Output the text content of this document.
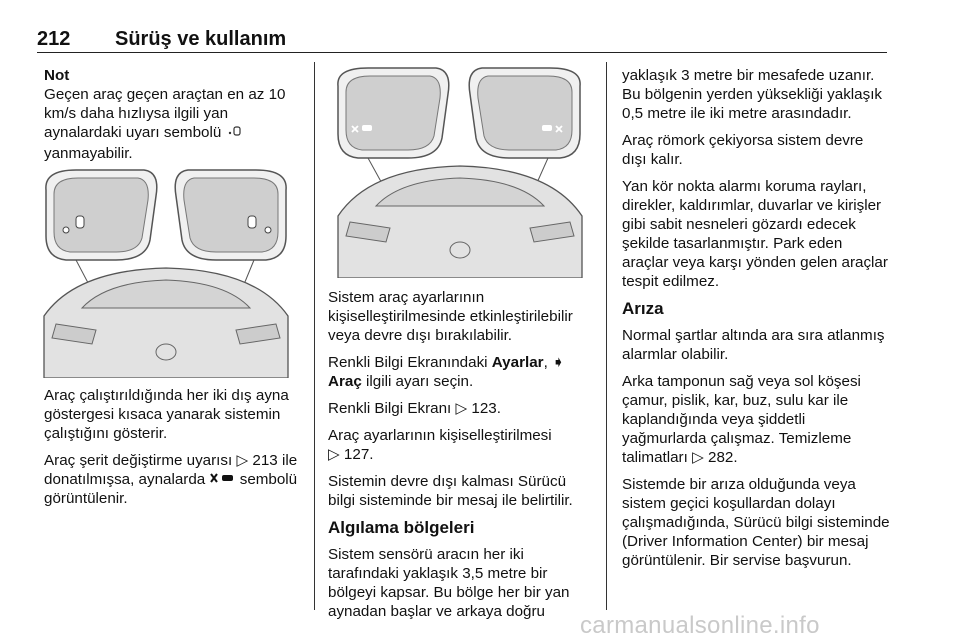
212 Sürüş ve kullanım
Not
Geçen araç geçen araçtan en az 10 km/s daha hızlıysa ilgili yan aynalardaki uyarı sembolü
yanmayabilir.
Araç çalıştırıldığında her iki dış ayna göstergesi kısaca yanarak sistemin çalıştığını gösterir.
Araç şerit değiştirme uyarısı ▷ 213 ile donatılmışsa, aynalarda sembolü görüntülenir.
Sistem araç ayarlarının kişiselleştirilmesinde etkinleştirilebilir veya devre dışı bırakılabilir.
Renkli Bilgi Ekranındaki Ayarlar, ➧ Araç ilgili ayarı seçin.
Renkli Bilgi Ekranı ▷ 123.
Araç ayarlarının kişiselleştirilmesi
▷ 127.
Sistemin devre dışı kalması Sürücü bilgi sisteminde bir mesaj ile belirtilir.
Algılama bölgeleri
Sistem sensörü aracın her iki tarafındaki yaklaşık 3,5 metre bir bölgeyi kapsar. Bu bölge her bir yan aynadan başlar ve arkaya doğru
yaklaşık 3 metre bir mesafede uzanır. Bu bölgenin yerden yüksekliği yaklaşık 0,5 metre ile iki metre arasındadır.
Araç römork çekiyorsa sistem devre dışı kalır.
Yan kör nokta alarmı koruma rayları, direkler, kaldırımlar, duvarlar ve kirişler gibi sabit nesneleri gözardı edecek şekilde tasarlanmıştır. Park eden araçlar veya karşı yönden gelen araçlar tespit edilmez.
Arıza
Normal şartlar altında ara sıra atlanmış alarmlar olabilir.
Arka tamponun sağ veya sol köşesi çamur, pislik, kar, buz, sulu kar ile kaplandığında veya şiddetli yağmurlarda çalışmaz. Temizleme talimatları ▷ 282.
Sistemde bir arıza olduğunda veya sistem geçici koşullardan dolayı çalışmadığında, Sürücü bilgi sisteminde (Driver Information Center) bir mesaj görüntülenir. Bir servise başvurun.
carmanualsonline.info
